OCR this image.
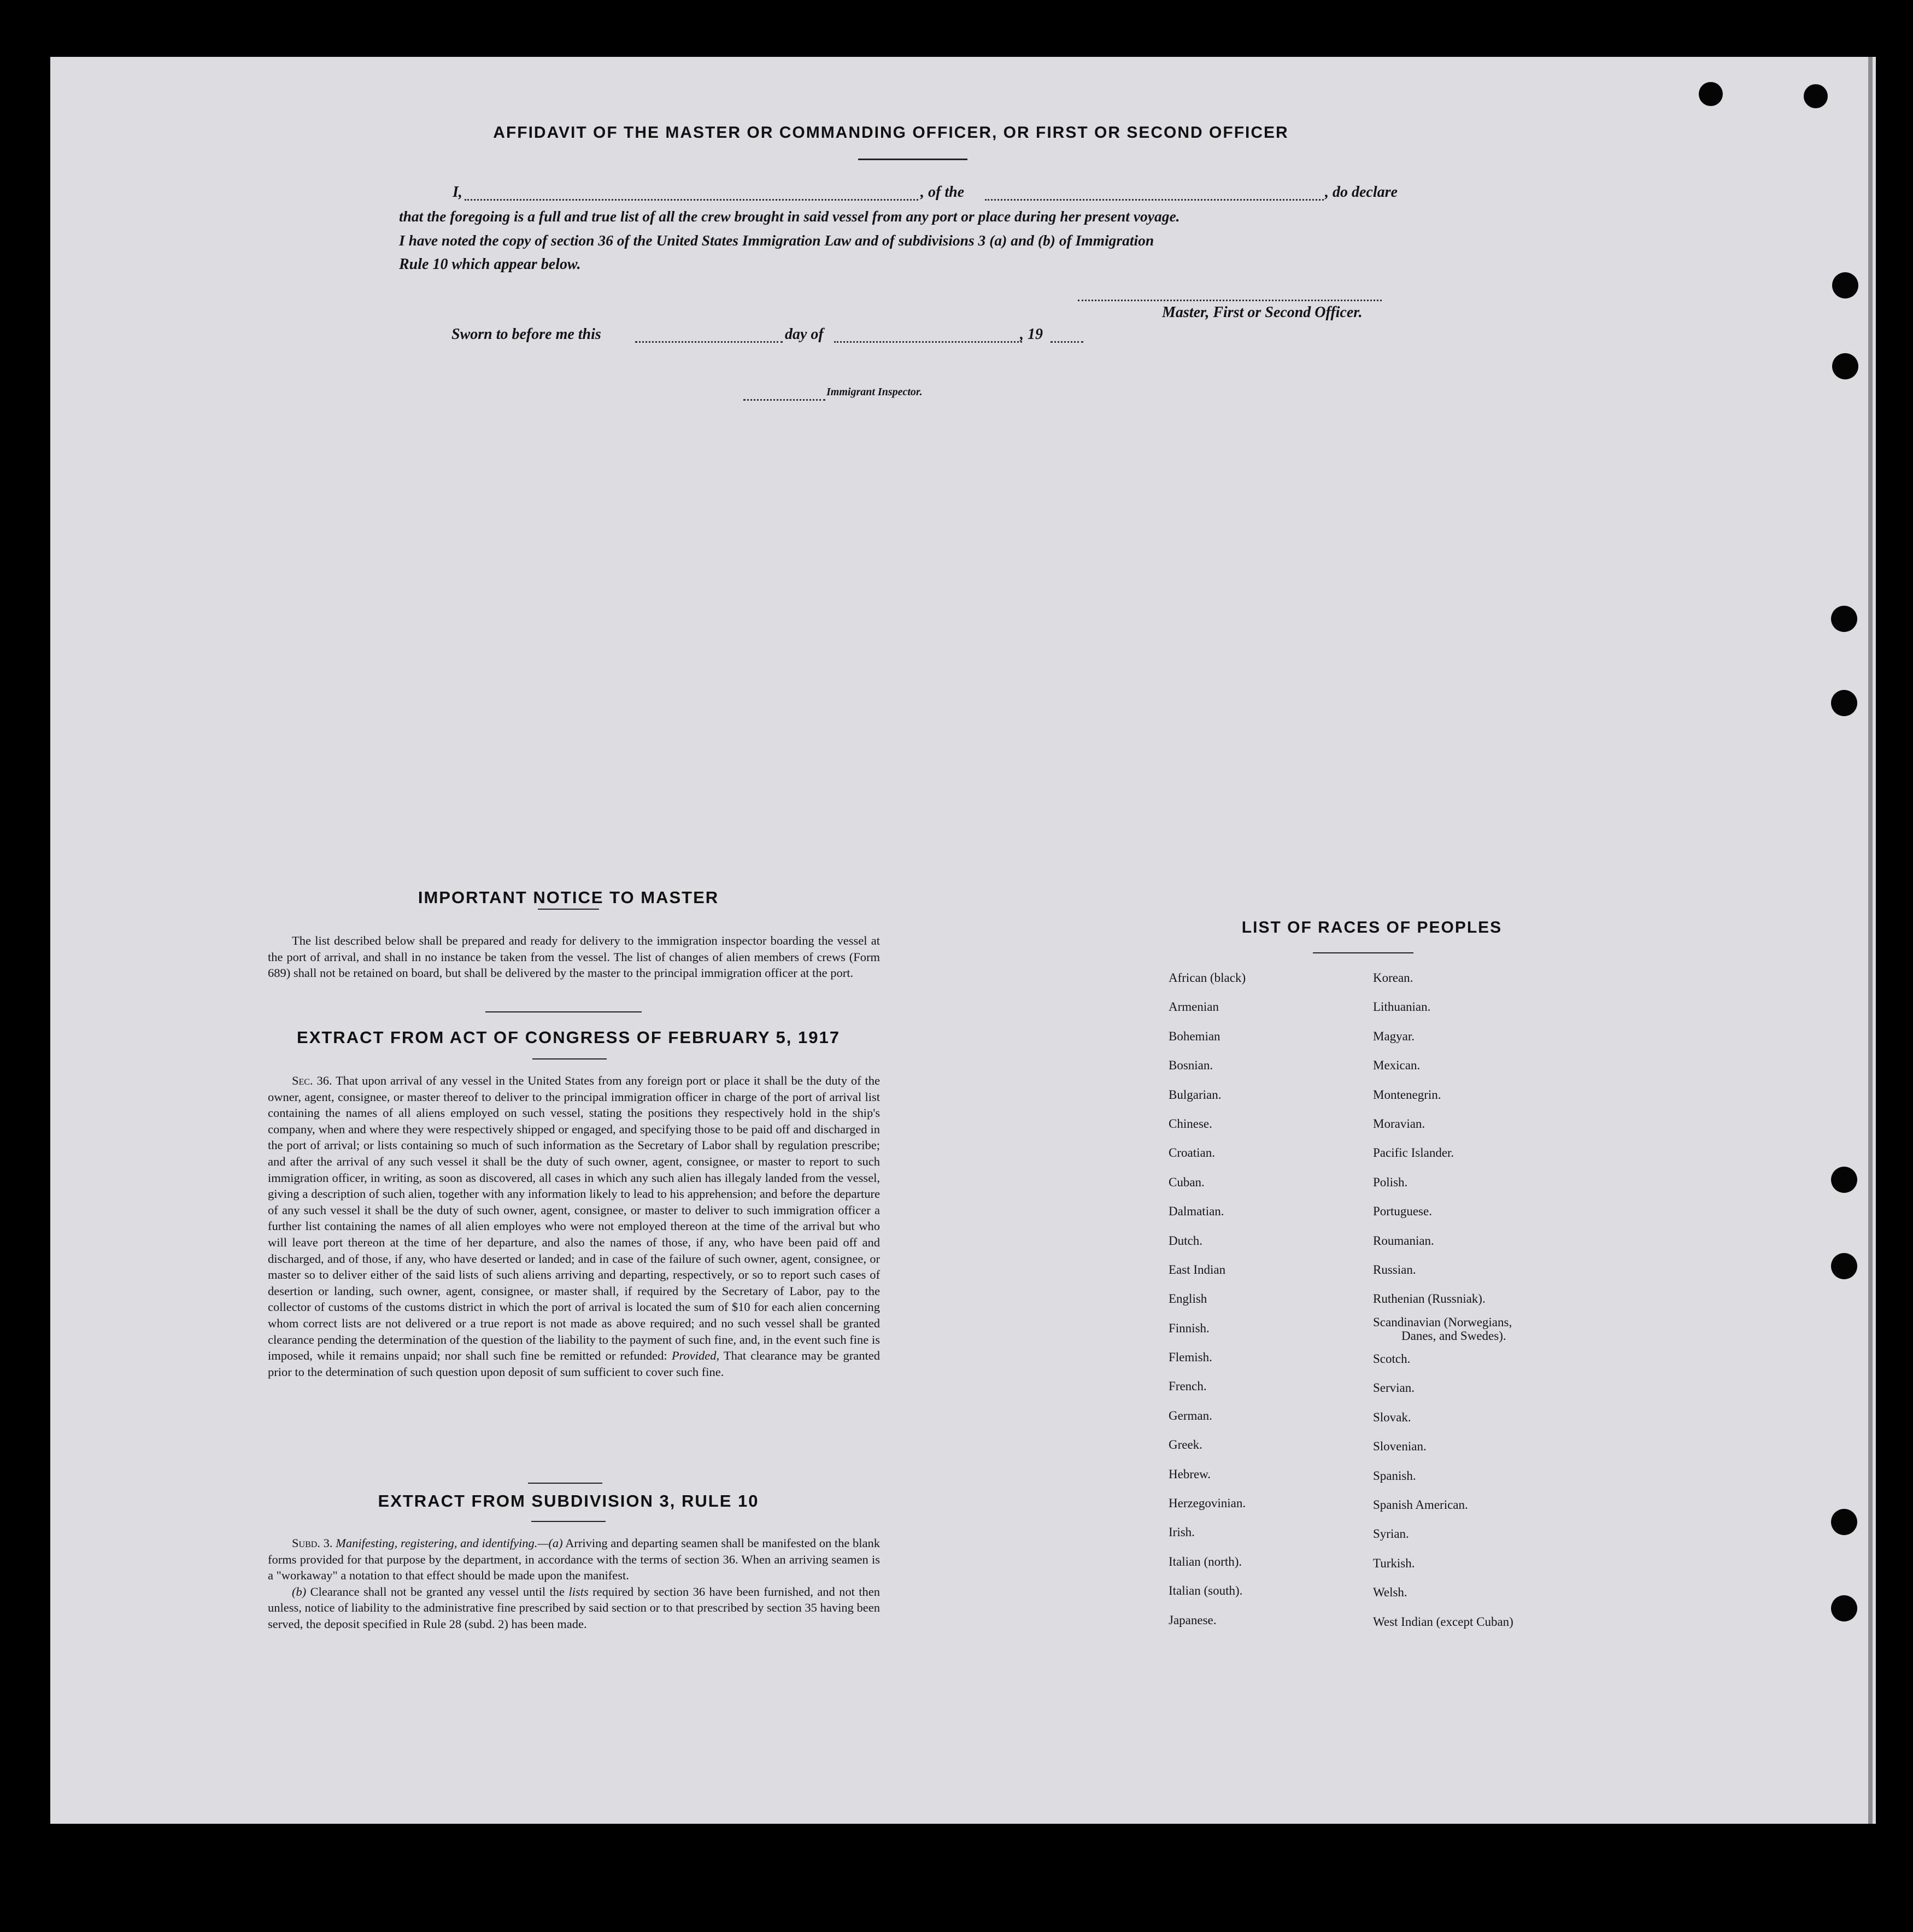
AFFIDAVIT OF THE MASTER OR COMMANDING OFFICER, OR FIRST OR SECOND OFFICER
I,	, of the	, do declare
that the foregoing is a full and true list of all the crew brought in said vessel from any port or place during her present voyage.
I have noted the copy of section 36 of the United States Immigration Law and of subdivisions 3 (a) and (b) of Immigration
Rule 10 which appear below.
Master, First or Second Officer.
Sworn to before me this	day of	, 19
Immigrant Inspector.
IMPORTANT NOTICE TO MASTER

The list described below shall be prepared and ready for delivery to the immigration inspector boarding the vessel at the port of arrival, and shall in no instance be taken from the vessel. The list of changes of alien members of crews (Form 689) shall not be retained on board, but shall be delivered by the master to the principal immigration officer at the port.

EXTRACT FROM ACT OF CONGRESS OF FEBRUARY 5, 1917

Sec. 36. That upon arrival of any vessel in the United States from any foreign port or place it shall be the duty of the owner, agent, consignee, or master thereof to deliver to the principal immigration officer in charge of the port of arrival list containing the names of all aliens employed on such vessel, stating the positions they respectively hold in the ship's company, when and where they were respectively shipped or engaged, and specifying those to be paid off and discharged in the port of arrival; or lists containing so much of such information as the Secretary of Labor shall by regulation prescribe; and after the arrival of any such vessel it shall be the duty of such owner, agent, consignee, or master to report to such immigration officer, in writing, as soon as discovered, all cases in which any such alien has illegaly landed from the vessel, giving a description of such alien, together with any information likely to lead to his apprehension; and before the departure of any such vessel it shall be the duty of such owner, agent, consignee, or master to deliver to such immigration officer a further list containing the names of all alien employes who were not employed thereon at the time of the arrival but who will leave port thereon at the time of her departure, and also the names of those, if any, who have been paid off and discharged, and of those, if any, who have deserted or landed; and in case of the failure of such owner, agent, consignee, or master so to deliver either of the said lists of such aliens arriving and departing, respectively, or so to report such cases of desertion or landing, such owner, agent, consignee, or master shall, if required by the Secretary of Labor, pay to the collector of customs of the customs district in which the port of arrival is located the sum of $10 for each alien concerning whom correct lists are not delivered or a true report is not made as above required; and no such vessel shall be granted clearance pending the determination of the question of the liability to the payment of such fine, and, in the event such fine is imposed, while it remains unpaid; nor shall such fine be remitted or refunded: Provided, That clearance may be granted prior to the determination of such question upon deposit of sum sufficient to cover such fine.

EXTRACT FROM SUBDIVISION 3, RULE 10

Subd. 3. Manifesting, registering, and identifying.—(a) Arriving and departing seamen shall be manifested on the blank forms provided for that purpose by the department, in accordance with the terms of section 36. When an arriving seamen is a "workaway" a notation to that effect should be made upon the manifest.

(b) Clearance shall not be granted any vessel until the lists required by section 36 have been furnished, and not then unless, notice of liability to the administrative fine prescribed by said section or to that prescribed by section 35 having been served, the deposit specified in Rule 28 (subd. 2) has been made.

LIST OF RACES OF PEOPLES
African (black)
Armenian
Bohemian
Bosnian.
Bulgarian.
Chinese.
Croatian.
Cuban.
Dalmatian.
Dutch.
East Indian
English
Finnish.
Flemish.
French.
German.
Greek.
Hebrew.
Herzegovinian.
Irish.
Italian (north).
Italian (south).
Japanese.
Korean.
Lithuanian.
Magyar.
Mexican.
Montenegrin.
Moravian.
Pacific Islander.
Polish.
Portuguese.
Roumanian.
Russian.
Ruthenian (Russniak).
Scandinavian (Norwegians,
Danes, and Swedes).
Scotch.
Servian.
Slovak.
Slovenian.
Spanish.
Spanish American.
Syrian.
Turkish.
Welsh.
West Indian (except Cuban)
